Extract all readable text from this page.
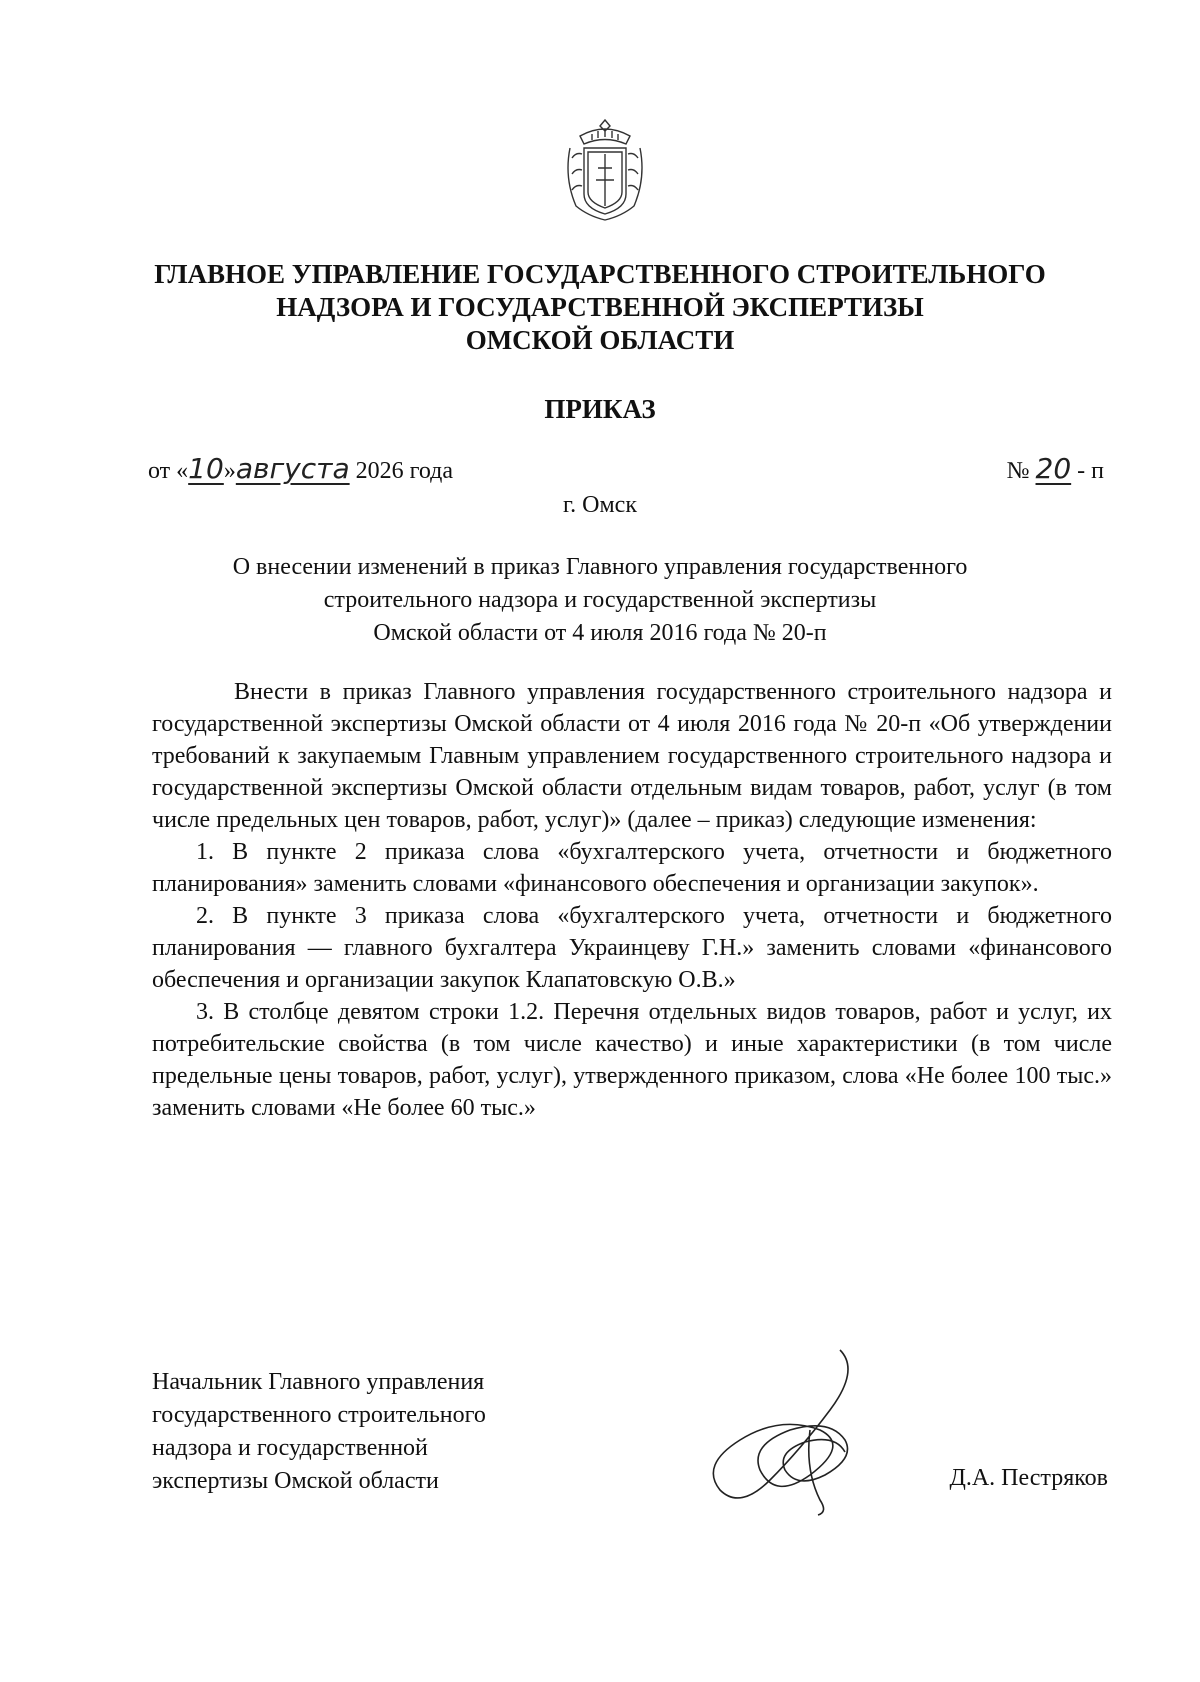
ГЛАВНОЕ УПРАВЛЕНИЕ ГОСУДАРСТВЕННОГО СТРОИТЕЛЬНОГО
НАДЗОРА И ГОСУДАРСТВЕННОЙ ЭКСПЕРТИЗЫ
ОМСКОЙ ОБЛАСТИ
ПРИКАЗ
от «10»августа 2026 года	№ 20 - п
г. Омск
О внесении изменений в приказ Главного управления государственного
строительного надзора и государственной экспертизы
Омской области от 4 июля 2016 года № 20-п

Внести в приказ Главного управления государственного строительного надзора и государственной экспертизы Омской области от 4 июля 2016 года № 20-п «Об утверждении требований к закупаемым Главным управлением государственного строительного надзора и государственной экспертизы Омской области отдельным видам товаров, работ, услуг (в том числе предельных цен товаров, работ, услуг)» (далее – приказ) следующие изменения:

1. В пункте 2 приказа слова «бухгалтерского учета, отчетности и бюджетного планирования» заменить словами «финансового обеспечения и организации закупок».

2. В пункте 3 приказа слова «бухгалтерского учета, отчетности и бюджетного планирования — главного бухгалтера Украинцеву Г.Н.» заменить словами «финансового обеспечения и организации закупок Клапатовскую О.В.»

3. В столбце девятом строки 1.2. Перечня отдельных видов товаров, работ и услуг, их потребительские свойства (в том числе качество) и иные характеристики (в том числе предельные цены товаров, работ, услуг), утвержденного приказом, слова «Не более 100 тыс.» заменить словами «Не более 60 тыс.»

Начальник Главного управления
государственного строительного
надзора и государственной
экспертизы Омской области	Д.А. Пестряков
